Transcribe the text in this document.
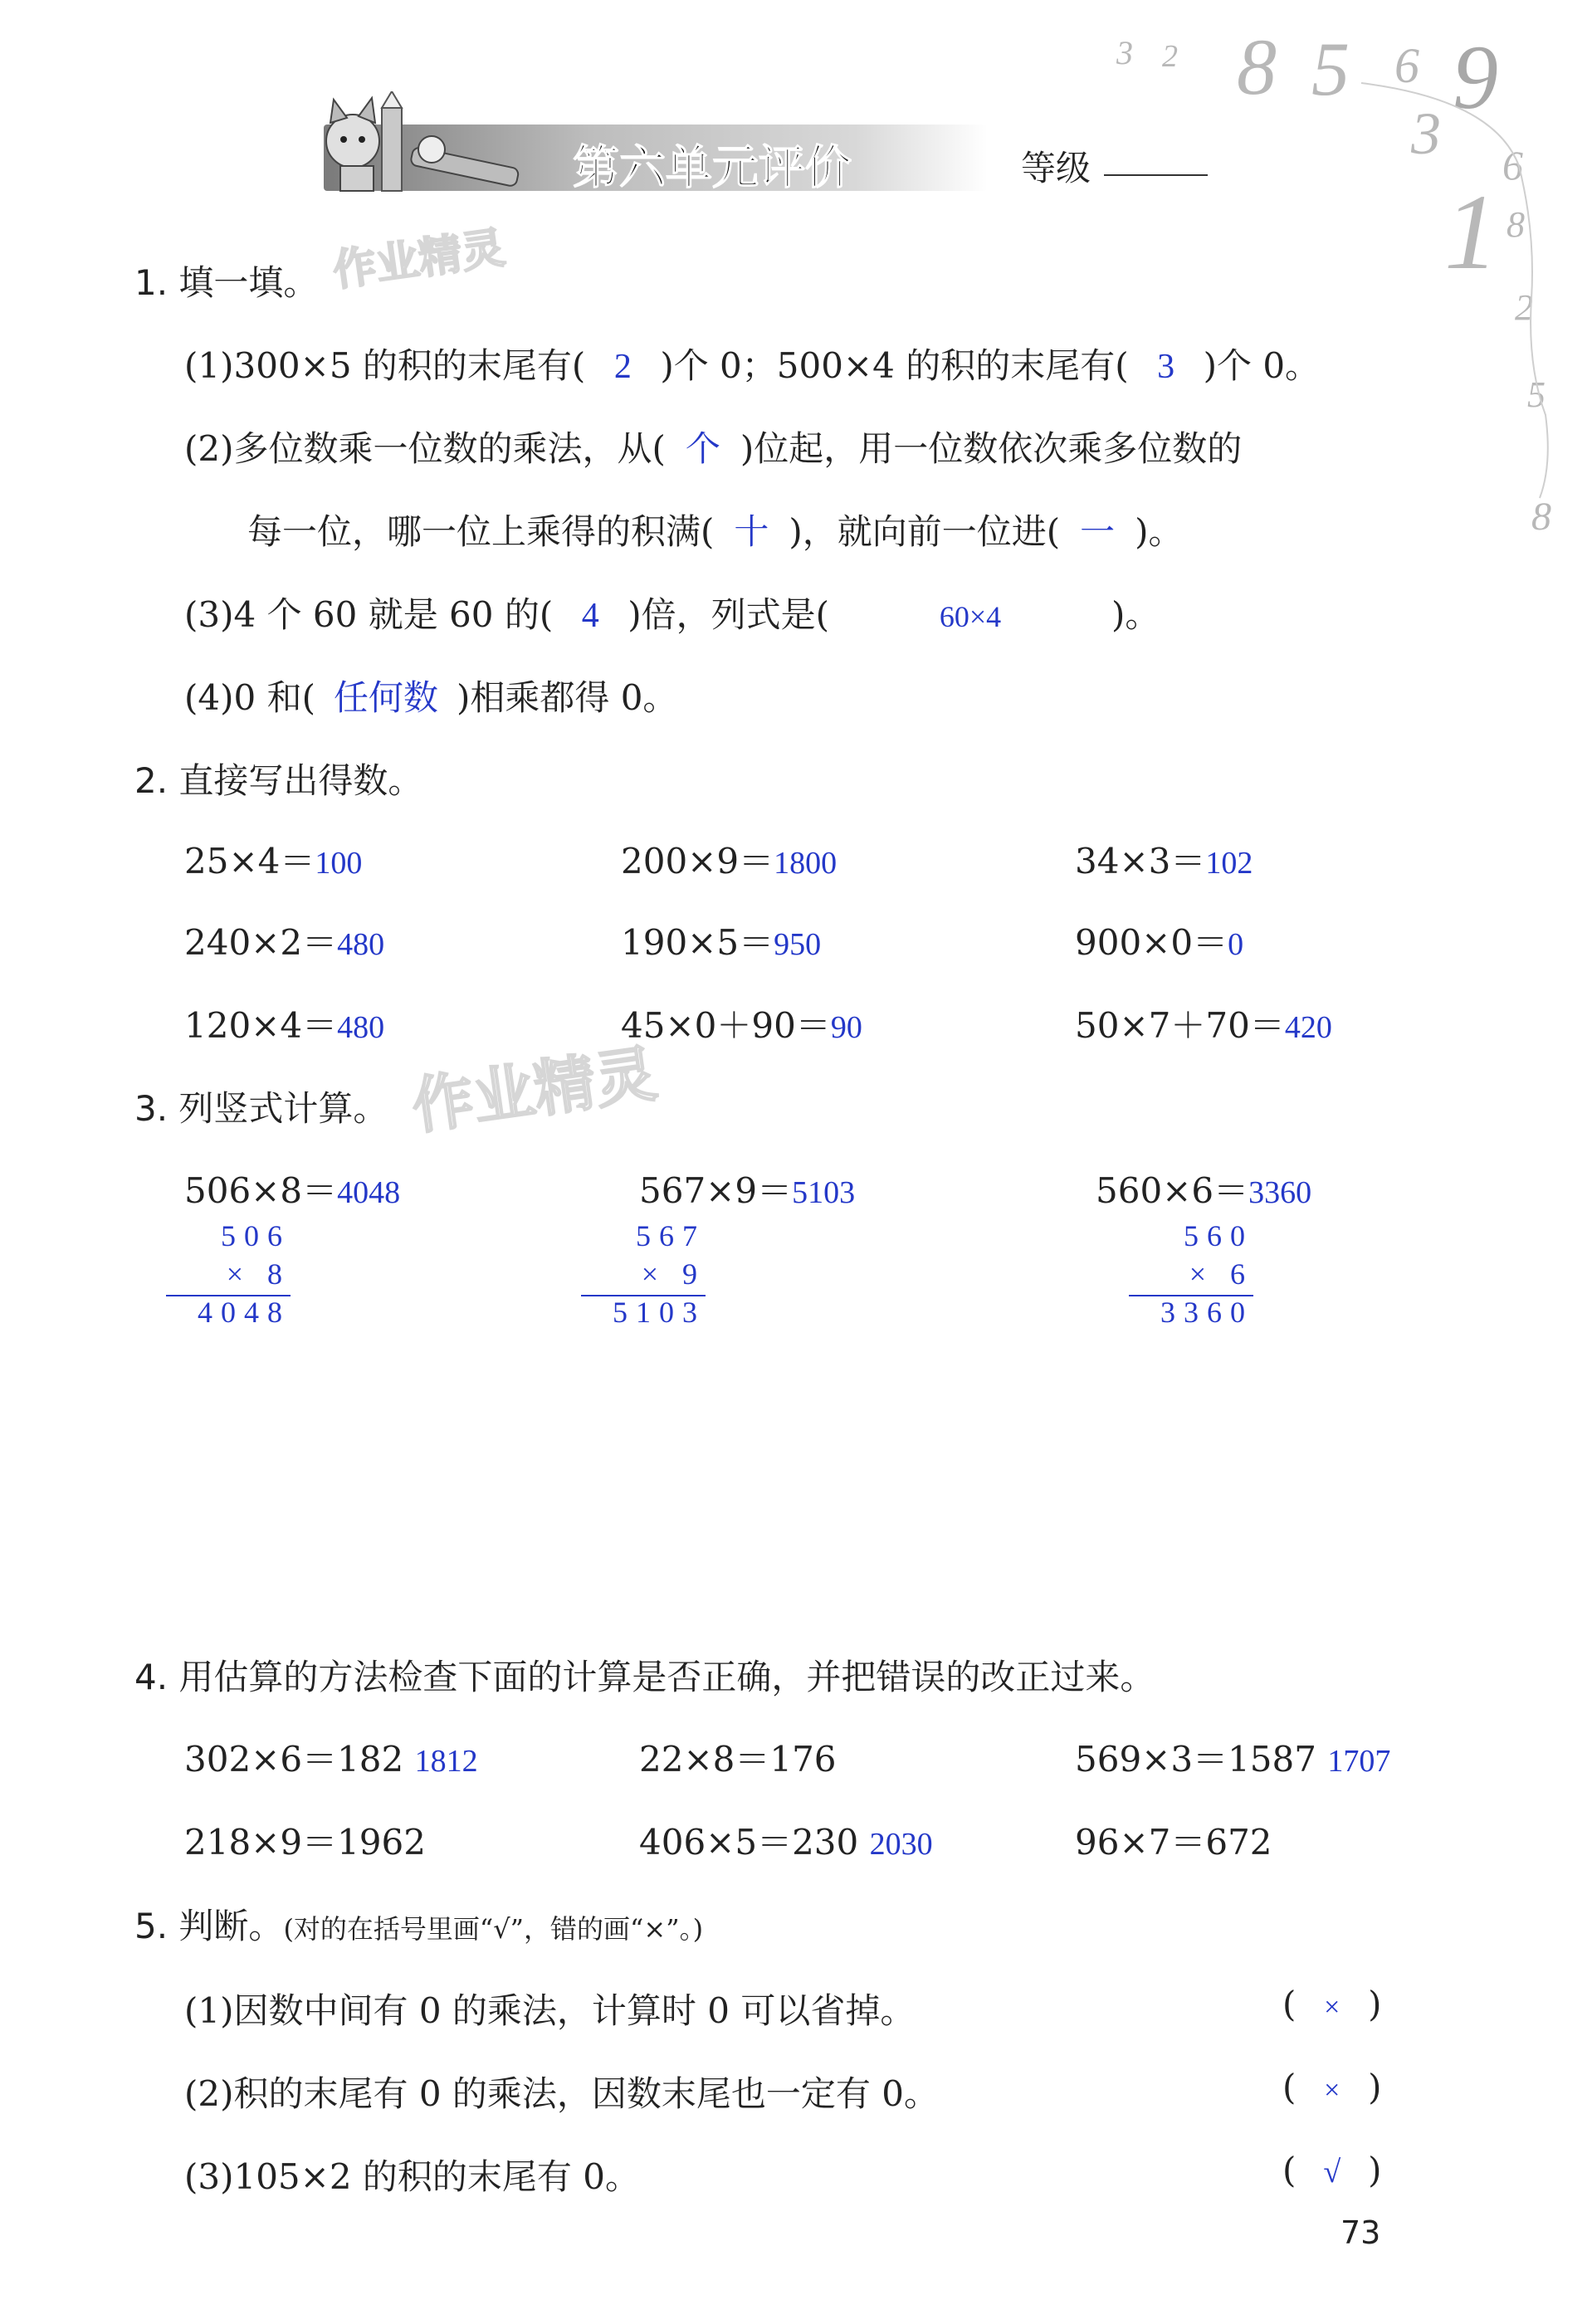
3 2 8 5 6 9
3 6
1 8
2
5
8
第六单元评价	等级
作业精灵
作业精灵
1. 填一填。
(1)300×5 的积的末尾有( 2 )个 0；500×4 的积的末尾有( 3 )个 0。
(2)多位数乘一位数的乘法，从( 个 )位起，用一位数依次乘多位数的
每一位，哪一位上乘得的积满( 十 )，就向前一位进( 一 )。
(3)4 个 60 就是 60 的( 4 )倍，列式是(	60×4	)。
(4)0 和( 任何数 )相乘都得 0。
2. 直接写出得数。
25×4＝100	200×9＝1800	34×3＝102
240×2＝480	190×5＝950	900×0＝0
120×4＝480	45×0＋90＝90	50×7＋70＝420
3. 列竖式计算。
506×8＝4048	567×9＝5103	560×6＝3360
506
× 8
4048
567
× 9
5103
560
× 6
3360
4. 用估算的方法检查下面的计算是否正确，并把错误的改正过来。
302×6＝182 1812	22×8＝176	569×3＝1587 1707
218×9＝1962	406×5＝230 2030	96×7＝672
5. 判断。(对的在括号里画“√”，错的画“×”。)
(1)因数中间有 0 的乘法，计算时 0 可以省掉。	( × )
(2)积的末尾有 0 的乘法，因数末尾也一定有 0。	( × )
(3)105×2 的积的末尾有 0。	( √ )
73
